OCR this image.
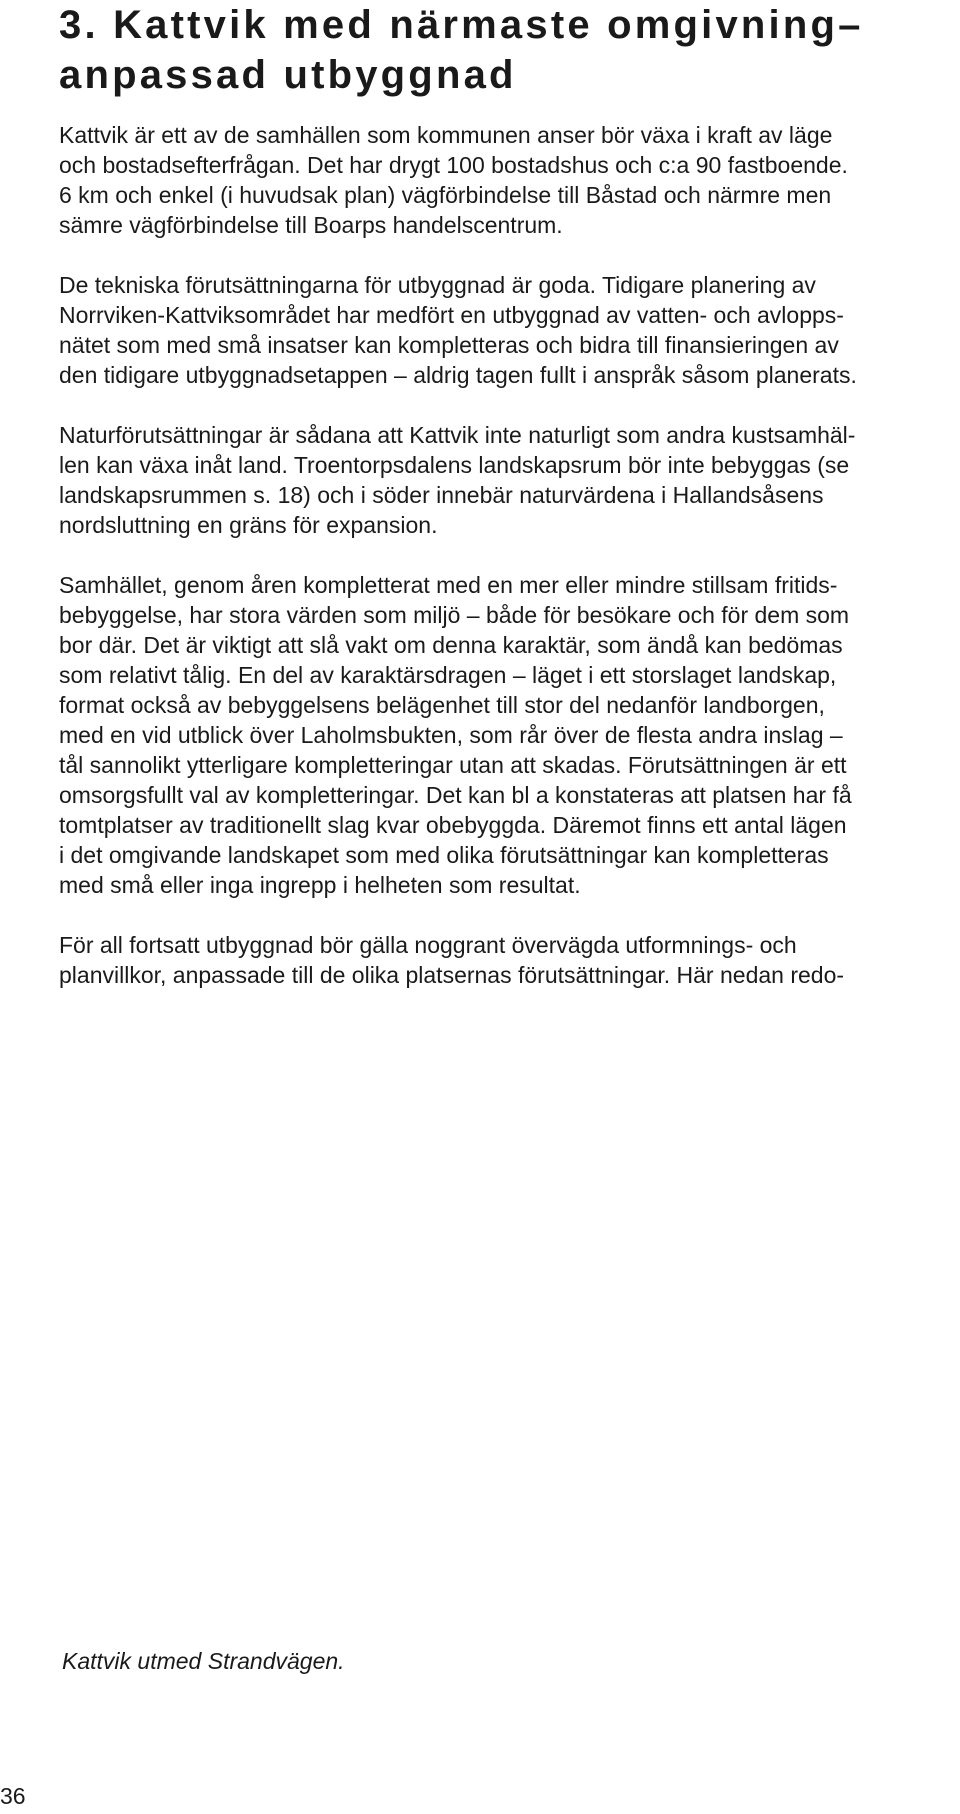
3. Kattvik med närmaste omgivning–
anpassad utbyggnad

Kattvik är ett av de samhällen som kommunen anser bör växa i kraft av läge
och bostadsefterfrågan. Det har drygt 100 bostadshus och c:a 90 fastboende.
6 km och enkel (i huvudsak plan) vägförbindelse till Båstad och närmre men
sämre vägförbindelse till Boarps handelscentrum.

De tekniska förutsättningarna för utbyggnad är goda. Tidigare planering av
Norrviken-Kattviksområdet har medfört en utbyggnad av vatten- och avlopps-
nätet som med små insatser kan kompletteras och bidra till finansieringen av
den tidigare utbyggnadsetappen – aldrig tagen fullt i anspråk såsom planerats.

Naturförutsättningar är sådana att Kattvik inte naturligt som andra kustsamhäl-
len kan växa inåt land. Troentorpsdalens landskapsrum bör inte bebyggas (se
landskapsrummen s. 18) och i söder innebär naturvärdena i Hallandsåsens
nordsluttning en gräns för expansion.

Samhället, genom åren kompletterat med en mer eller mindre stillsam fritids-
bebyggelse, har stora värden som miljö – både för besökare och för dem som
bor där. Det är viktigt att slå vakt om denna karaktär, som ändå kan bedömas
som relativt tålig. En del av karaktärsdragen – läget i ett storslaget landskap,
format också av bebyggelsens belägenhet till stor del nedanför landborgen,
med en vid utblick över Laholmsbukten, som rår över de flesta andra inslag –
tål sannolikt ytterligare kompletteringar utan att skadas. Förutsättningen är ett
omsorgsfullt val av kompletteringar. Det kan bl a konstateras att platsen har få
tomtplatser av traditionellt slag kvar obebyggda. Däremot finns ett antal lägen
i det omgivande landskapet som med olika förutsättningar kan kompletteras
med små eller inga ingrepp i helheten som resultat.

För all fortsatt utbyggnad bör gälla noggrant övervägda utformnings- och
planvillkor, anpassade till de olika platsernas förutsättningar. Här nedan redo-

Kattvik utmed Strandvägen.

36
